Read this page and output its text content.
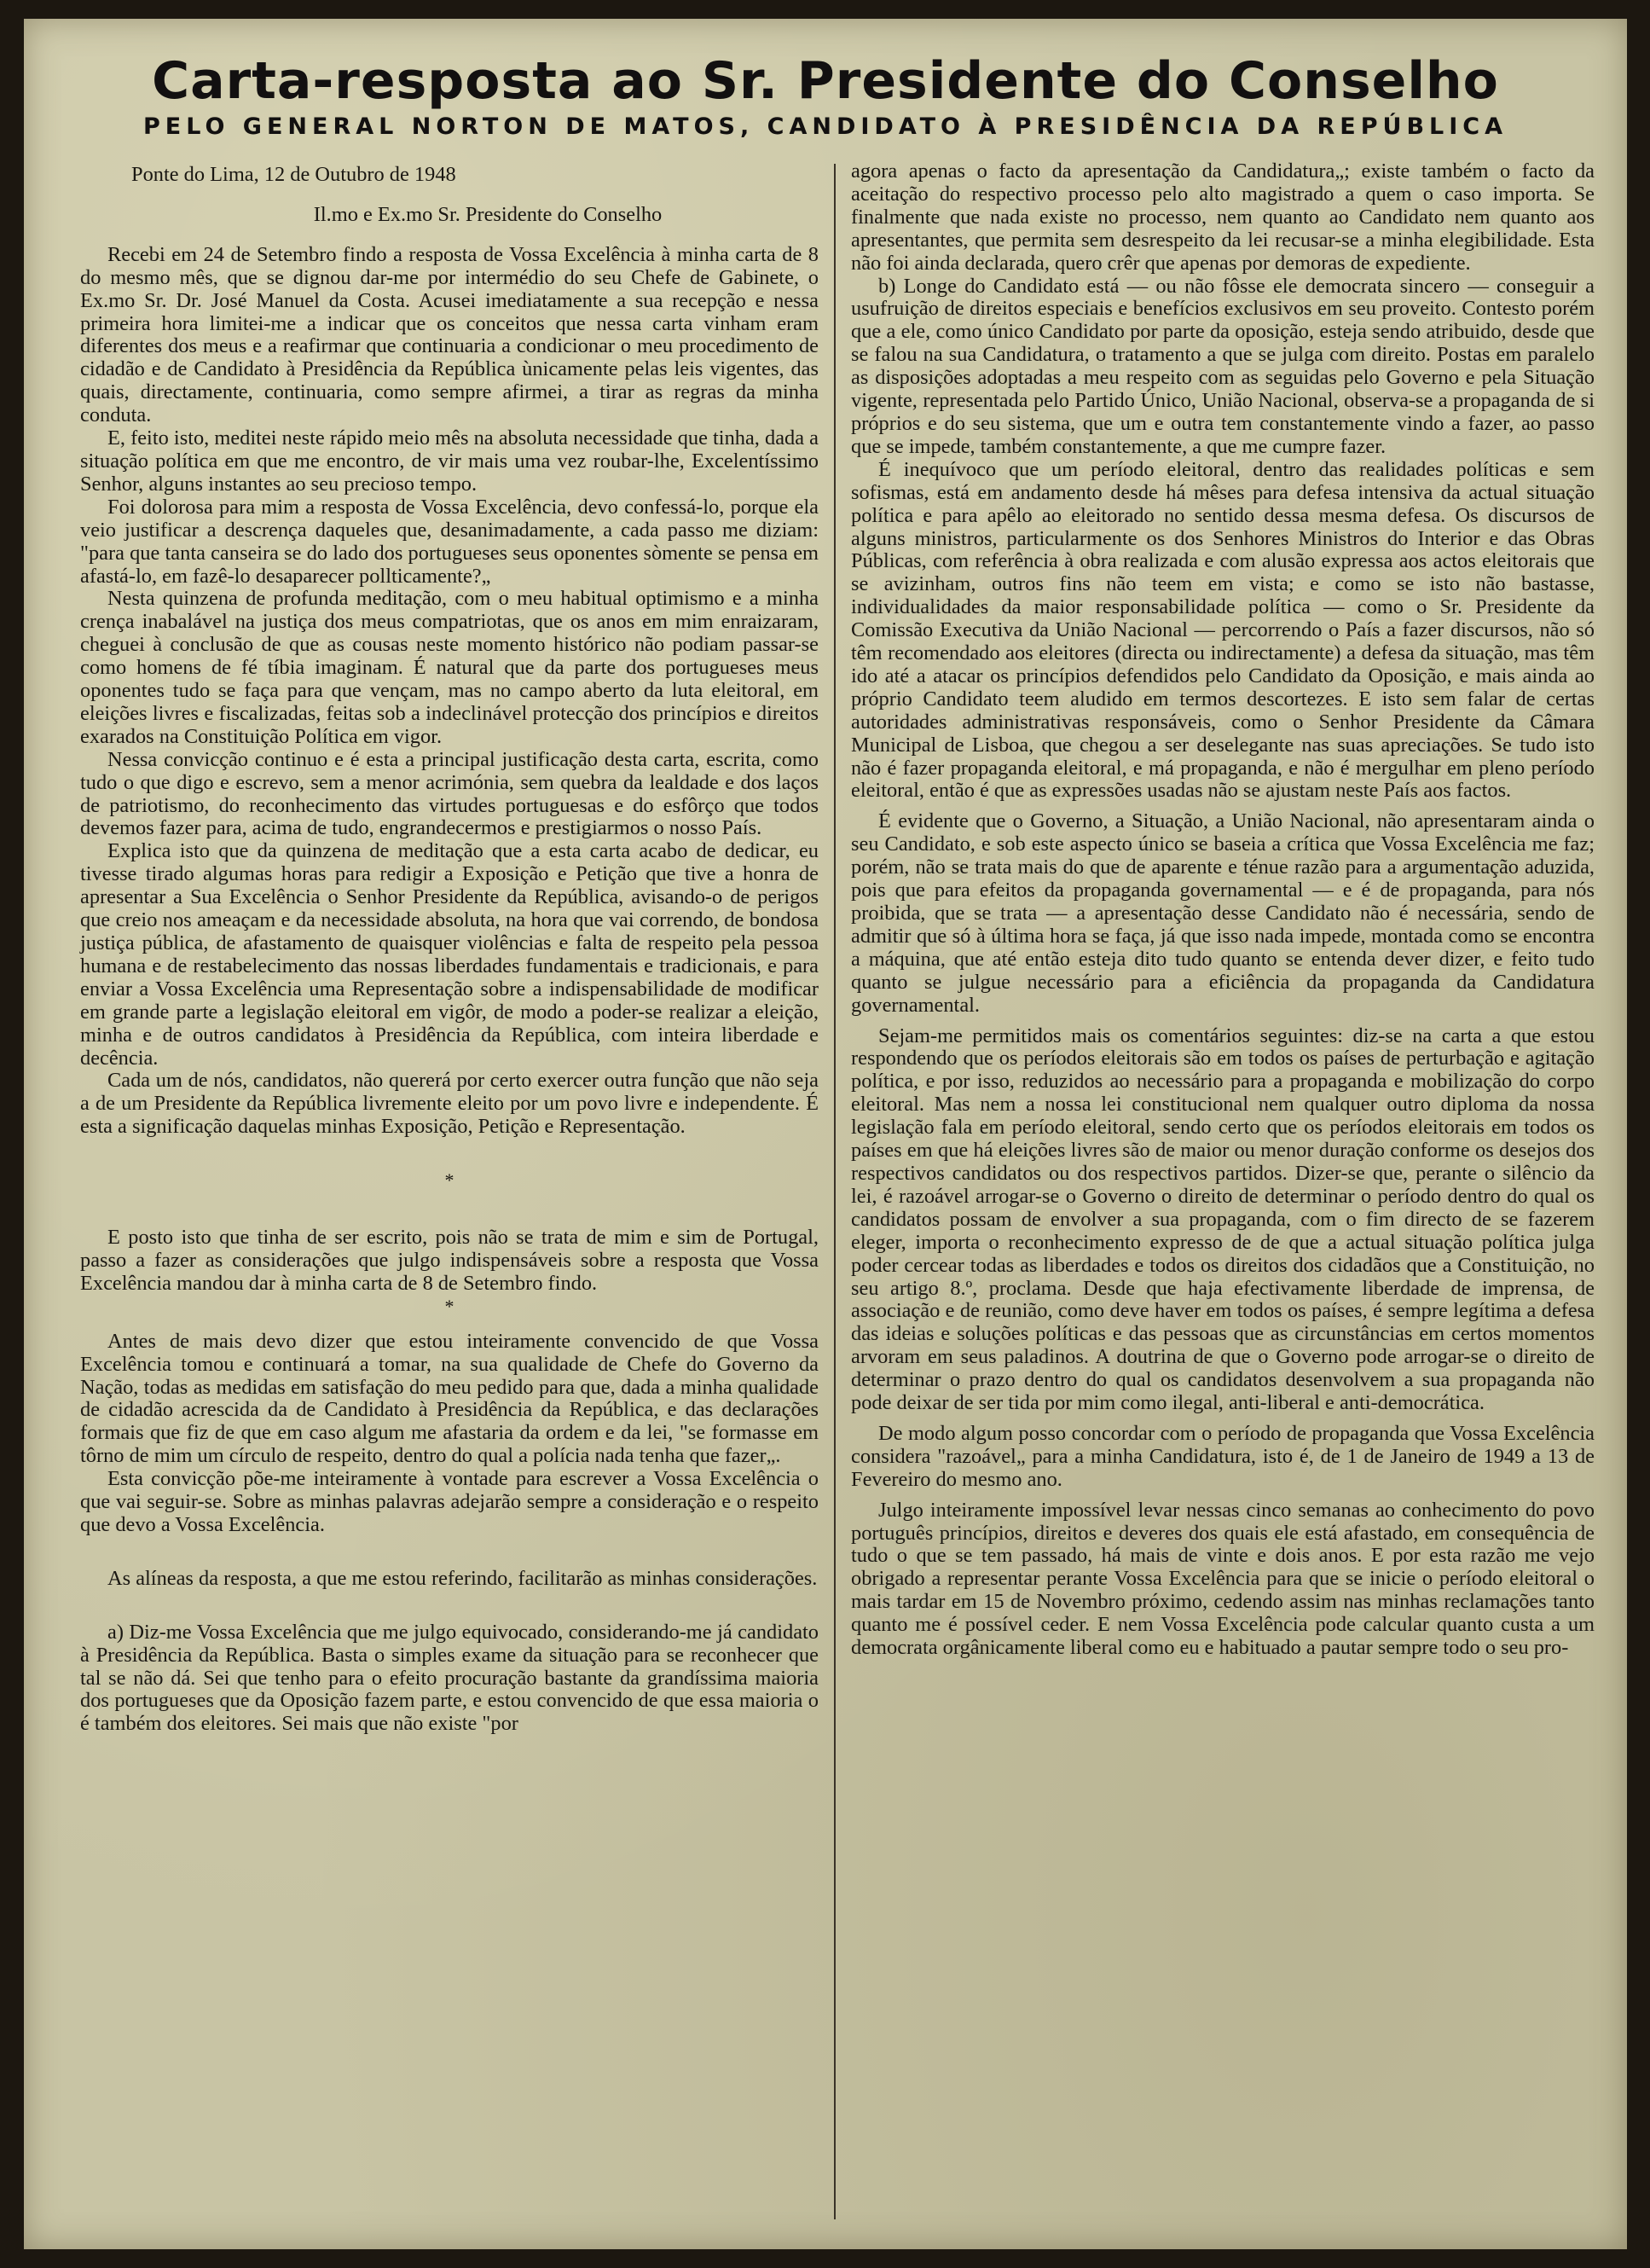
Carta-resposta ao Sr. Presidente do Conselho
PELO GENERAL NORTON DE MATOS, CANDIDATO À PRESIDÊNCIA DA REPÚBLICA

Ponte do Lima, 12 de Outubro de 1948

Il.mo e Ex.mo Sr. Presidente do Conselho

Recebi em 24 de Setembro findo a resposta de Vossa Excelência à minha carta de 8 do mesmo mês, que se dignou dar-me por intermédio do seu Chefe de Gabinete, o Ex.mo Sr. Dr. José Manuel da Costa. Acusei imediatamente a sua recepção e nessa primeira hora limitei-me a indicar que os conceitos que nessa carta vinham eram diferentes dos meus e a reafirmar que continuaria a condicionar o meu procedimento de cidadão e de Candidato à Presidência da República ùnicamente pelas leis vigentes, das quais, directamente, continuaria, como sempre afirmei, a tirar as regras da minha conduta.

E, feito isto, meditei neste rápido meio mês na absoluta necessidade que tinha, dada a situação política em que me encontro, de vir mais uma vez roubar-lhe, Excelentíssimo Senhor, alguns instantes ao seu precioso tempo.

Foi dolorosa para mim a resposta de Vossa Excelência, devo confessá-lo, porque ela veio justificar a descrença daqueles que, desanimadamente, a cada passo me diziam: "para que tanta canseira se do lado dos portugueses seus oponentes sòmente se pensa em afastá-lo, em fazê-lo desaparecer pollticamente?„

Nesta quinzena de profunda meditação, com o meu habitual optimismo e a minha crença inabalável na justiça dos meus compatriotas, que os anos em mim enraizaram, cheguei à conclusão de que as cousas neste momento histórico não podiam passar-se como homens de fé tíbia imaginam. É natural que da parte dos portugueses meus oponentes tudo se faça para que vençam, mas no campo aberto da luta eleitoral, em eleições livres e fiscalizadas, feitas sob a indeclinável protecção dos princípios e direitos exarados na Constituição Política em vigor.

Nessa convicção continuo e é esta a principal justificação desta carta, escrita, como tudo o que digo e escrevo, sem a menor acrimónia, sem quebra da lealdade e dos laços de patriotismo, do reconhecimento das virtudes portuguesas e do esfôrço que todos devemos fazer para, acima de tudo, engrandecermos e prestigiarmos o nosso País.

Explica isto que da quinzena de meditação que a esta carta acabo de dedicar, eu tivesse tirado algumas horas para redigir a Exposição e Petição que tive a honra de apresentar a Sua Excelência o Senhor Presidente da República, avisando-o de perigos que creio nos ameaçam e da necessidade absoluta, na hora que vai correndo, de bondosa justiça pública, de afastamento de quaisquer violências e falta de respeito pela pessoa humana e de restabelecimento das nossas liberdades fundamentais e tradicionais, e para enviar a Vossa Excelência uma Representação sobre a indispensabilidade de modificar em grande parte a legislação eleitoral em vigôr, de modo a poder-se realizar a eleição, minha e de outros candidatos à Presidência da República, com inteira liberdade e decência.

Cada um de nós, candidatos, não quererá por certo exercer outra função que não seja a de um Presidente da República livremente eleito por um povo livre e independente. É esta a significação daquelas minhas Exposição, Petição e Representação.

*

E posto isto que tinha de ser escrito, pois não se trata de mim e sim de Portugal, passo a fazer as considerações que julgo indispensáveis sobre a resposta que Vossa Excelência mandou dar à minha carta de 8 de Setembro findo.

*

Antes de mais devo dizer que estou inteiramente convencido de que Vossa Excelência tomou e continuará a tomar, na sua qualidade de Chefe do Governo da Nação, todas as medidas em satisfação do meu pedido para que, dada a minha qualidade de cidadão acrescida da de Candidato à Presidência da República, e das declarações formais que fiz de que em caso algum me afastaria da ordem e da lei, "se formasse em tôrno de mim um círculo de respeito, dentro do qual a polícia nada tenha que fazer„.

Esta convicção põe-me inteiramente à vontade para escrever a Vossa Excelência o que vai seguir-se. Sobre as minhas palavras adejarão sempre a consideração e o respeito que devo a Vossa Excelência.

As alíneas da resposta, a que me estou referindo, facilitarão as minhas considerações.

a) Diz-me Vossa Excelência que me julgo equivocado, considerando-me já candidato à Presidência da República. Basta o simples exame da situação para se reconhecer que tal se não dá. Sei que tenho para o efeito procuração bastante da grandíssima maioria dos portugueses que da Oposição fazem parte, e estou convencido de que essa maioria o é também dos eleitores. Sei mais que não existe "por

agora apenas o facto da apresentação da Candidatura„; existe também o facto da aceitação do respectivo processo pelo alto magistrado a quem o caso importa. Se finalmente que nada existe no processo, nem quanto ao Candidato nem quanto aos apresentantes, que permita sem desrespeito da lei recusar-se a minha elegibilidade. Esta não foi ainda declarada, quero crêr que apenas por demoras de expediente.

b) Longe do Candidato está — ou não fôsse ele democrata sincero — conseguir a usufruição de direitos especiais e benefícios exclusivos em seu proveito. Contesto porém que a ele, como único Candidato por parte da oposição, esteja sendo atribuido, desde que se falou na sua Candidatura, o tratamento a que se julga com direito. Postas em paralelo as disposições adoptadas a meu respeito com as seguidas pelo Governo e pela Situação vigente, representada pelo Partido Único, União Nacional, observa-se a propaganda de si próprios e do seu sistema, que um e outra tem constantemente vindo a fazer, ao passo que se impede, também constantemente, a que me cumpre fazer.

É inequívoco que um período eleitoral, dentro das realidades políticas e sem sofismas, está em andamento desde há mêses para defesa intensiva da actual situação política e para apêlo ao eleitorado no sentido dessa mesma defesa. Os discursos de alguns ministros, particularmente os dos Senhores Ministros do Interior e das Obras Públicas, com referência à obra realizada e com alusão expressa aos actos eleitorais que se avizinham, outros fins não teem em vista; e como se isto não bastasse, individualidades da maior responsabilidade política — como o Sr. Presidente da Comissão Executiva da União Nacional — percorrendo o País a fazer discursos, não só têm recomendado aos eleitores (directa ou indirectamente) a defesa da situação, mas têm ido até a atacar os princípios defendidos pelo Candidato da Oposição, e mais ainda ao próprio Candidato teem aludido em termos descortezes. E isto sem falar de certas autoridades administrativas responsáveis, como o Senhor Presidente da Câmara Municipal de Lisboa, que chegou a ser deselegante nas suas apreciações. Se tudo isto não é fazer propaganda eleitoral, e má propaganda, e não é mergulhar em pleno período eleitoral, então é que as expressões usadas não se ajustam neste País aos factos.

É evidente que o Governo, a Situação, a União Nacional, não apresentaram ainda o seu Candidato, e sob este aspecto único se baseia a crítica que Vossa Excelência me faz; porém, não se trata mais do que de aparente e ténue razão para a argumentação aduzida, pois que para efeitos da propaganda governamental — e é de propaganda, para nós proibida, que se trata — a apresentação desse Candidato não é necessária, sendo de admitir que só à última hora se faça, já que isso nada impede, montada como se encontra a máquina, que até então esteja dito tudo quanto se entenda dever dizer, e feito tudo quanto se julgue necessário para a eficiência da propaganda da Candidatura governamental.

Sejam-me permitidos mais os comentários seguintes: diz-se na carta a que estou respondendo que os períodos eleitorais são em todos os países de perturbação e agitação política, e por isso, reduzidos ao necessário para a propaganda e mobilização do corpo eleitoral. Mas nem a nossa lei constitucional nem qualquer outro diploma da nossa legislação fala em período eleitoral, sendo certo que os períodos eleitorais em todos os países em que há eleições livres são de maior ou menor duração conforme os desejos dos respectivos candidatos ou dos respectivos partidos. Dizer-se que, perante o silêncio da lei, é razoável arrogar-se o Governo o direito de determinar o período dentro do qual os candidatos possam de envolver a sua propaganda, com o fim directo de se fazerem eleger, importa o reconhecimento expresso de de que a actual situação política julga poder cercear todas as liberdades e todos os direitos dos cidadãos que a Constituição, no seu artigo 8.º, proclama. Desde que haja efectivamente liberdade de imprensa, de associação e de reunião, como deve haver em todos os países, é sempre legítima a defesa das ideias e soluções políticas e das pessoas que as circunstâncias em certos momentos arvoram em seus paladinos. A doutrina de que o Governo pode arrogar-se o direito de determinar o prazo dentro do qual os candidatos desenvolvem a sua propaganda não pode deixar de ser tida por mim como ilegal, anti-liberal e anti-democrática.

De modo algum posso concordar com o período de propaganda que Vossa Excelência considera "razoável„ para a minha Candidatura, isto é, de 1 de Janeiro de 1949 a 13 de Fevereiro do mesmo ano.

Julgo inteiramente impossível levar nessas cinco semanas ao conhecimento do povo português princípios, direitos e deveres dos quais ele está afastado, em consequência de tudo o que se tem passado, há mais de vinte e dois anos. E por esta razão me vejo obrigado a representar perante Vossa Excelência para que se inicie o período eleitoral o mais tardar em 15 de Novembro próximo, cedendo assim nas minhas reclamações tanto quanto me é possível ceder. E nem Vossa Excelência pode calcular quanto custa a um democrata orgânicamente liberal como eu e habituado a pautar sempre todo o seu pro-
